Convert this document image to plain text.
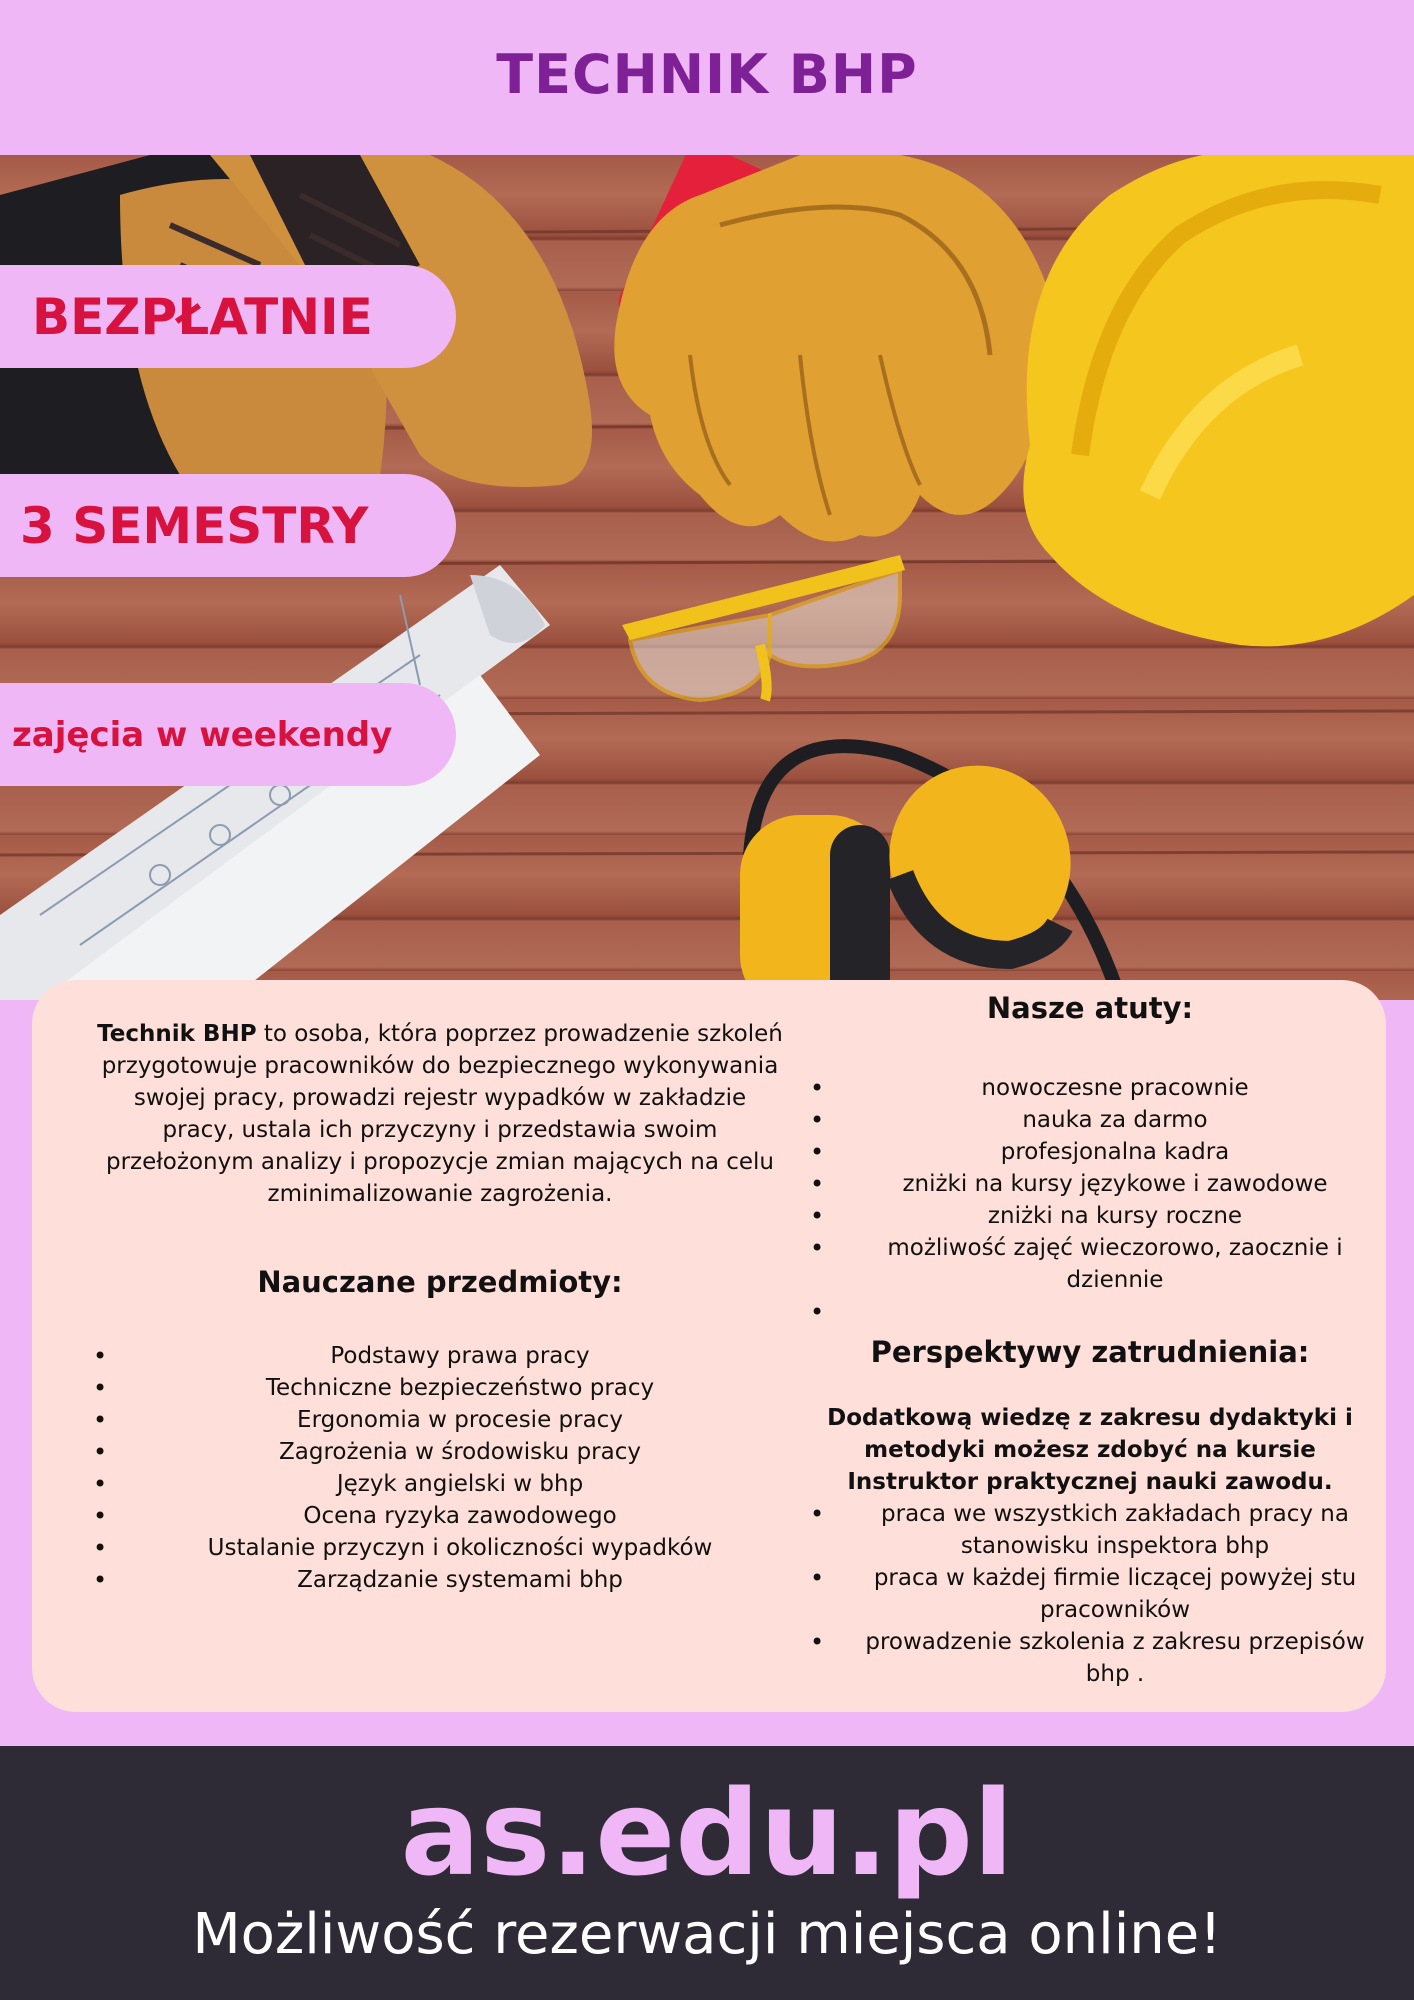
TECHNIK BHP
BEZPŁATNIE
3 SEMESTRY
zajęcia w weekendy

Technik BHP to osoba, która poprzez prowadzenie szkoleń przygotowuje pracowników do bezpiecznego wykonywania swojej pracy, prowadzi rejestr wypadków w zakładzie pracy, ustala ich przyczyny i przedstawia swoim przełożonym analizy i propozycje zmian mających na celu zminimalizowanie zagrożenia.

Nauczane przedmioty:
• Podstawy prawa pracy
• Techniczne bezpieczeństwo pracy
• Ergonomia w procesie pracy
• Zagrożenia w środowisku pracy
• Język angielski w bhp
• Ocena ryzyka zawodowego
• Ustalanie przyczyn i okoliczności wypadków
• Zarządzanie systemami bhp
Nasze atuty:
• nowoczesne pracownie
• nauka za darmo
• profesjonalna kadra
• zniżki na kursy językowe i zawodowe
• zniżki na kursy roczne
• możliwość zajęć wieczorowo, zaocznie i dziennie
•
Perspektywy zatrudnienia:

Dodatkową wiedzę z zakresu dydaktyki i metodyki możesz zdobyć na kursie Instruktor praktycznej nauki zawodu.

• praca we wszystkich zakładach pracy na stanowisku inspektora bhp
• praca w każdej firmie liczącej powyżej stu pracowników
• prowadzenie szkolenia z zakresu przepisów bhp .
as.edu.pl
Możliwość rezerwacji miejsca online!
